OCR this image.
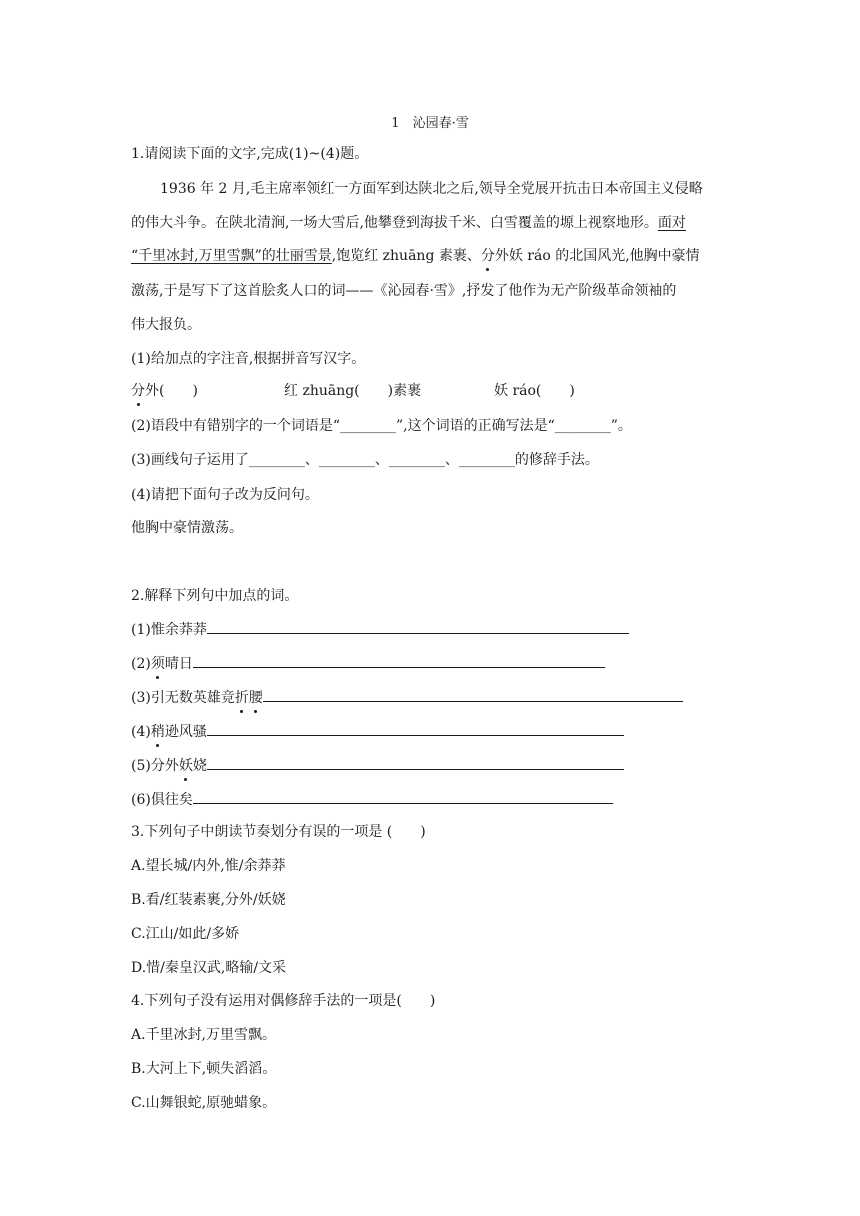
1　沁园春·雪
1.请阅读下面的文字,完成(1)~(4)题。
1936 年 2 月,毛主席率领红一方面军到达陕北之后,领导全党展开抗击日本帝国主义侵略
的伟大斗争。在陕北清涧,一场大雪后,他攀登到海拔千米、白雪覆盖的塬上视察地形。面对
“千里冰封,万里雪飘”的壮丽雪景,饱览红 zhuāng 素裹、分外妖 ráo 的北国风光,他胸中豪情
激荡,于是写下了这首脍炙人口的词——《沁园春·雪》,抒发了他作为无产阶级革命领袖的
伟大报负。
(1)给加点的字注音,根据拼音写汉字。
分外(　　)	红 zhuāng(　　)素裹	妖 ráo(　　)
(2)语段中有错别字的一个词语是“________”,这个词语的正确写法是“________”。
(3)画线句子运用了________、________、________、________的修辞手法。
(4)请把下面句子改为反问句。
他胸中豪情激荡。
2.解释下列句中加点的词。
(1)惟余莽莽
(2)须晴日
(3)引无数英雄竞折腰
(4)稍逊风骚
(5)分外妖娆
(6)俱往矣
3.下列句子中朗读节奏划分有误的一项是 (　　)
A.望长城/内外,惟/余莽莽
B.看/红装素裹,分外/妖娆
C.江山/如此/多娇
D.惜/秦皇汉武,略输/文采
4.下列句子没有运用对偶修辞手法的一项是(　　)
A.千里冰封,万里雪飘。
B.大河上下,顿失滔滔。
C.山舞银蛇,原驰蜡象。
